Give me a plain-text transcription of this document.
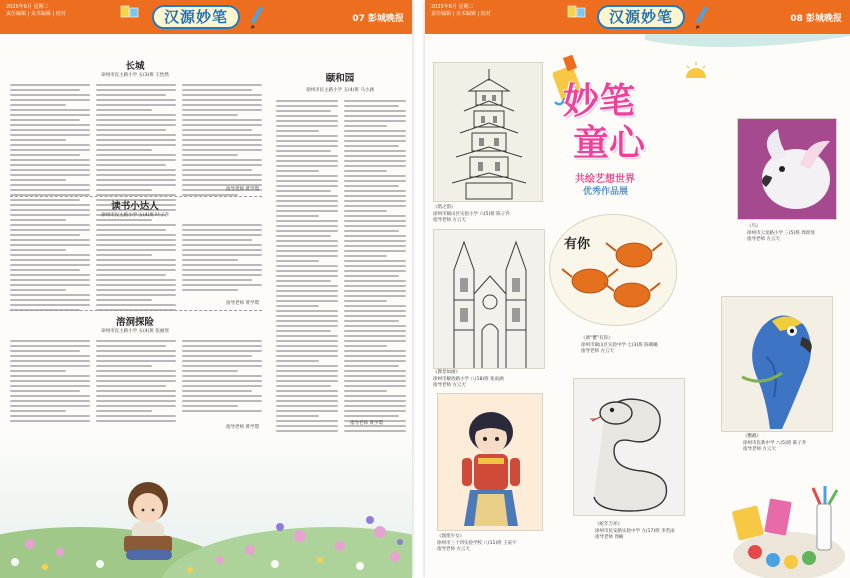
2025年6月 星期三
责任编辑 | 美术编辑 | 校对	汉源妙笔	07 彭城晚报
长城
徐州市民主路小学 五(3)班 王怡然
指导老师 黄学璟
颐和园
徐州市民主路小学 五(4)班 马小涵
指导老师 黄学璟
读书小达人
徐州市民主路小学 五(4)班 叶子赤
指导老师 黄学璟
溶洞探险
徐州市民主路小学 五(4)班 张丽瑶
指导老师 黄学璟
2025年6月 星期三
责任编辑 | 美术编辑 | 校对	汉源妙笔	08 彭城晚报
《塔之韵》
徐州市铜山区实验小学 六(5)班 陈子乔
指导老师 方云天
《教堂如画》
徐州市解放路小学 八(18)班 张雨涵
指导老师 方云天
《敦煌少女》
徐州市三十四实验学校 八(11)班 王寅宇
指导老师 方云天
妙笔
童心
共绘艺想世界
优秀作品展
有你
《诱“蟹”有你》
徐州市铜山区实验中学 七(3)班 陈朝曦
指导老师 方云天
《蛇年吉祥》
徐州市民安路实验中学 九(17)班 李若雨
指导老师 周楠
《鸟》
徐州市云龙路小学 三(5)班 周瑶瑶
指导老师 方云天
《鹦鹉》
徐州市民新中学 八(5)班 陈子乔
指导老师 方云天
